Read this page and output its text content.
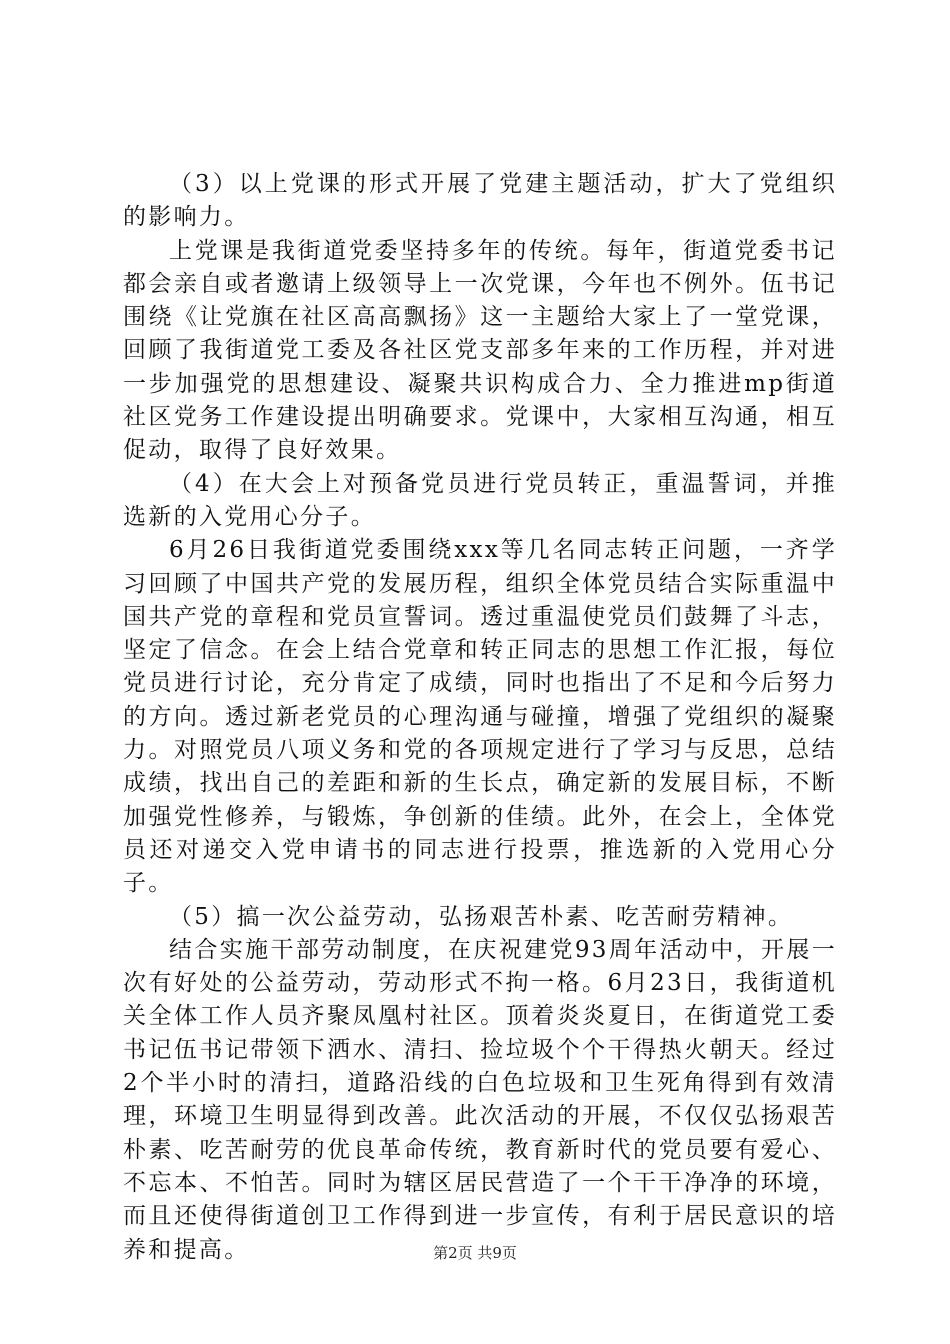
（3）以上党课的形式开展了党建主题活动，扩大了党组织的影响力。

上党课是我街道党委坚持多年的传统。每年，街道党委书记都会亲自或者邀请上级领导上一次党课，今年也不例外。伍书记围绕《让党旗在社区高高飘扬》这一主题给大家上了一堂党课，回顾了我街道党工委及各社区党支部多年来的工作历程，并对进一步加强党的思想建设、凝聚共识构成合力、全力推进mp街道社区党务工作建设提出明确要求。党课中，大家相互沟通，相互促动，取得了良好效果。

（4）在大会上对预备党员进行党员转正，重温誓词，并推选新的入党用心分子。

6月26日我街道党委围绕xxx等几名同志转正问题，一齐学习回顾了中国共产党的发展历程，组织全体党员结合实际重温中国共产党的章程和党员宣誓词。透过重温使党员们鼓舞了斗志，坚定了信念。在会上结合党章和转正同志的思想工作汇报，每位党员进行讨论，充分肯定了成绩，同时也指出了不足和今后努力的方向。透过新老党员的心理沟通与碰撞，增强了党组织的凝聚力。对照党员八项义务和党的各项规定进行了学习与反思，总结成绩，找出自己的差距和新的生长点，确定新的发展目标，不断加强党性修养，与锻炼，争创新的佳绩。此外，在会上，全体党员还对递交入党申请书的同志进行投票，推选新的入党用心分子。

（5）搞一次公益劳动，弘扬艰苦朴素、吃苦耐劳精神。

结合实施干部劳动制度，在庆祝建党93周年活动中，开展一次有好处的公益劳动，劳动形式不拘一格。6月23日，我街道机关全体工作人员齐聚凤凰村社区。顶着炎炎夏日，在街道党工委书记伍书记带领下洒水、清扫、捡垃圾个个干得热火朝天。经过2个半小时的清扫，道路沿线的白色垃圾和卫生死角得到有效清理，环境卫生明显得到改善。此次活动的开展，不仅仅弘扬艰苦朴素、吃苦耐劳的优良革命传统，教育新时代的党员要有爱心、不忘本、不怕苦。同时为辖区居民营造了一个干干净净的环境，而且还使得街道创卫工作得到进一步宣传，有利于居民意识的培养和提高。	第2页 共9页
